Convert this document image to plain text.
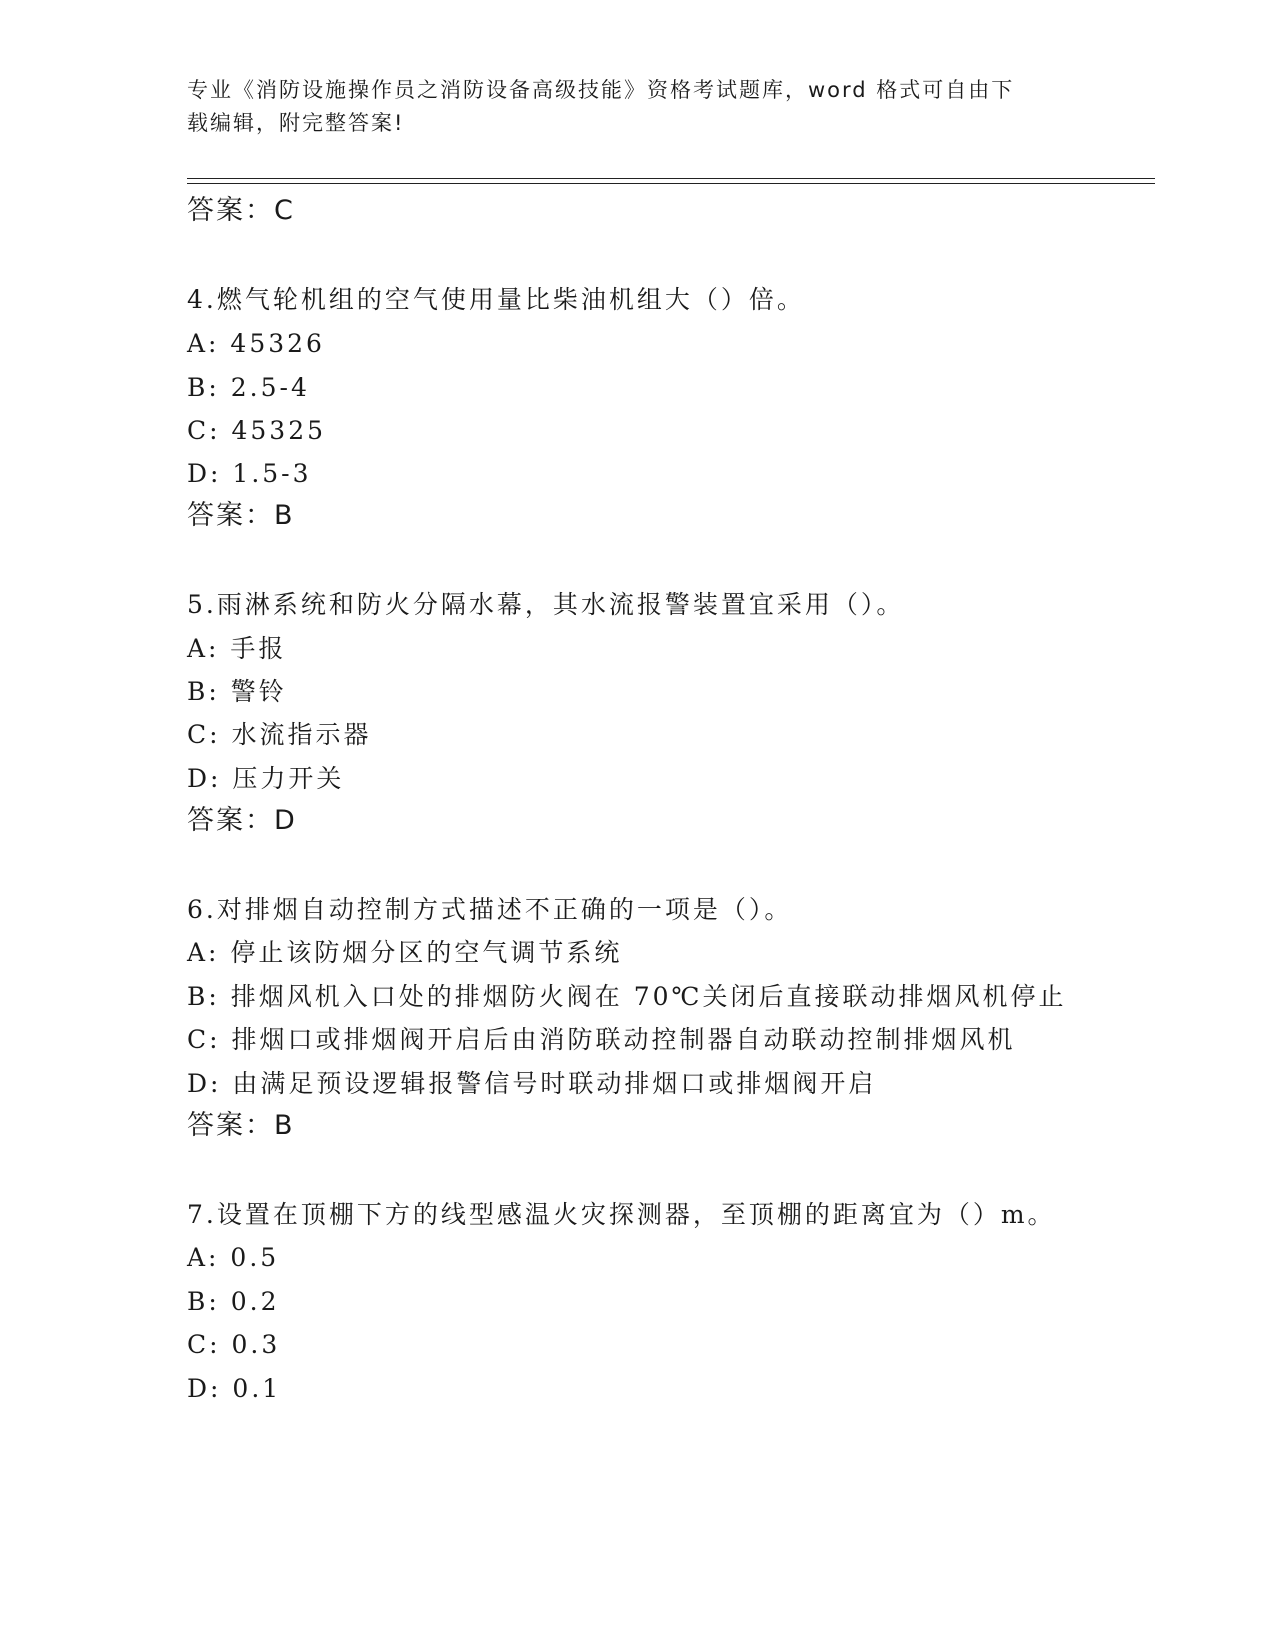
专业《消防设施操作员之消防设备高级技能》资格考试题库，word 格式可自由下
载编辑，附完整答案!
答案：C
4.燃气轮机组的空气使用量比柴油机组大（）倍。
A: 45326
B: 2.5-4
C: 45325
D: 1.5-3
答案：B
5.雨淋系统和防火分隔水幕，其水流报警装置宜采用（）。
A: 手报
B: 警铃
C: 水流指示器
D: 压力开关
答案：D
6.对排烟自动控制方式描述不正确的一项是（）。
A: 停止该防烟分区的空气调节系统
B: 排烟风机入口处的排烟防火阀在 70℃关闭后直接联动排烟风机停止
C: 排烟口或排烟阀开启后由消防联动控制器自动联动控制排烟风机
D: 由满足预设逻辑报警信号时联动排烟口或排烟阀开启
答案：B
7.设置在顶棚下方的线型感温火灾探测器，至顶棚的距离宜为（）m。
A: 0.5
B: 0.2
C: 0.3
D: 0.1
